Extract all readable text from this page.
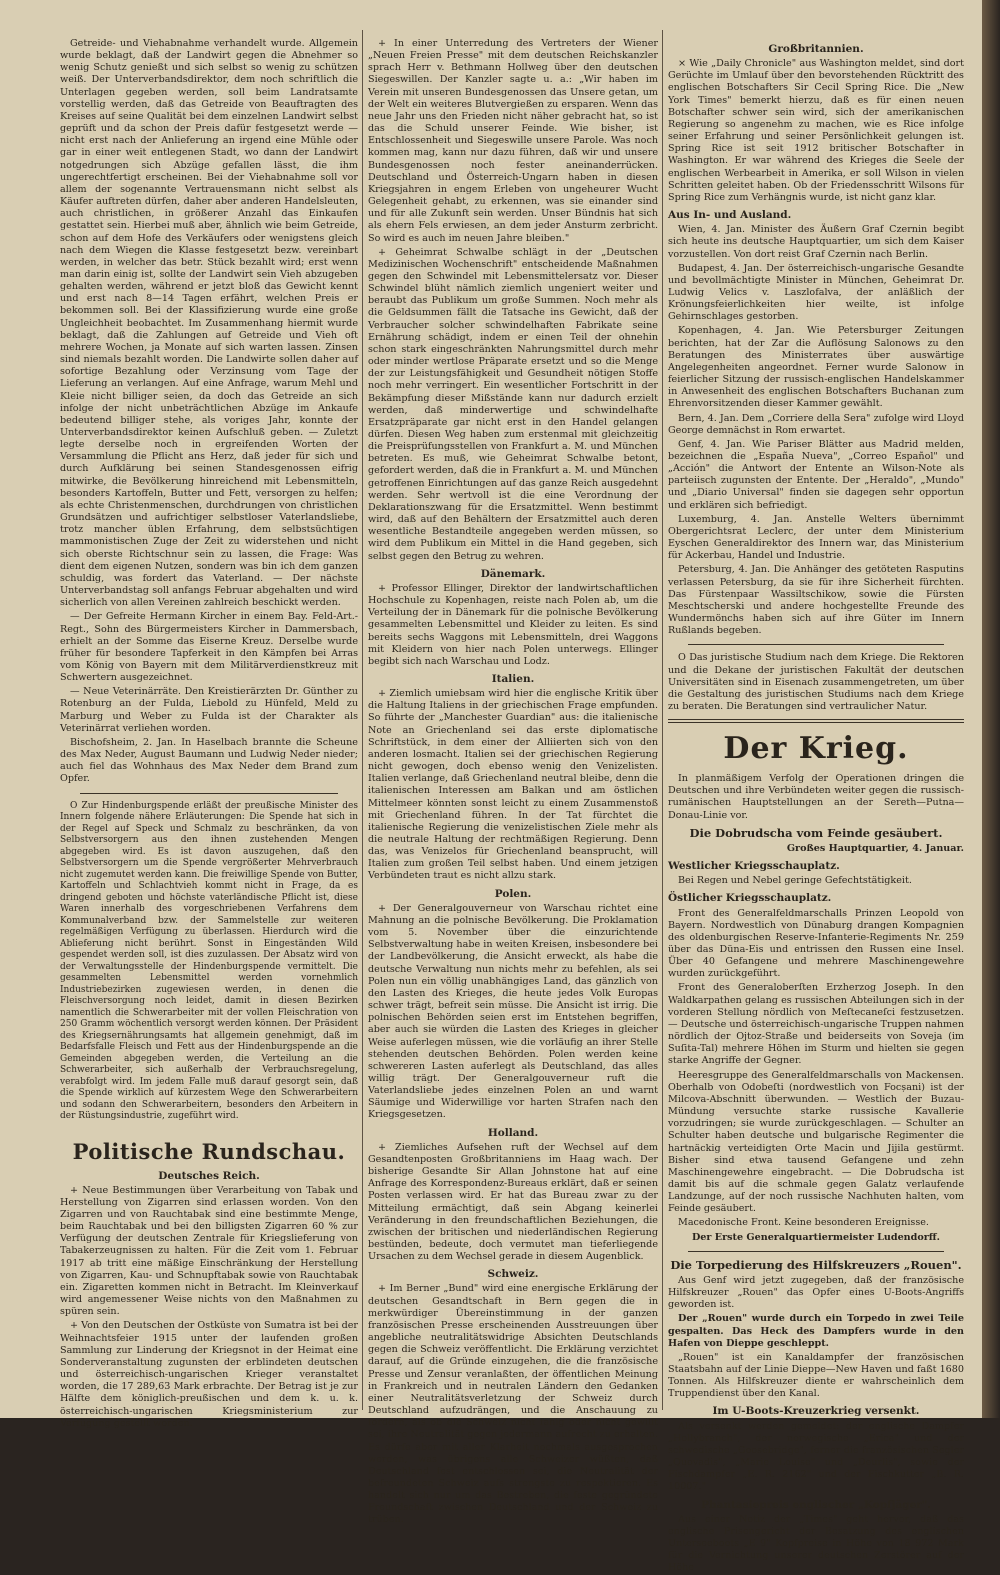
Getreide- und Viehabnahme verhandelt wurde. Allgemein wurde beklagt, daß der Landwirt gegen die Abnehmer so wenig Schutz genießt und sich selbst so wenig zu schützen weiß. Der Unterverbandsdirektor, dem noch schriftlich die Unterlagen gegeben werden, soll beim Landratsamte vorstellig werden, daß das Getreide von Beauftragten des Kreises auf seine Qualität bei dem einzelnen Landwirt selbst geprüft und da schon der Preis dafür festgesetzt werde — nicht erst nach der Anlieferung an irgend eine Mühle oder gar in einer weit entlegenen Stadt, wo dann der Landwirt notgedrungen sich Abzüge gefallen lässt, die ihm ungerechtfertigt erscheinen. Bei der Viehabnahme soll vor allem der sogenannte Vertrauensmann nicht selbst als Käufer auftreten dürfen, daher aber anderen Handelsleuten, auch christlichen, in größerer Anzahl das Einkaufen gestattet sein. Hierbei muß aber, ähnlich wie beim Getreide, schon auf dem Hofe des Verkäufers oder wenigstens gleich nach dem Wiegen die Klasse festgesetzt bezw. vereinbart werden, in welcher das betr. Stück bezahlt wird; erst wenn man darin einig ist, sollte der Landwirt sein Vieh abzugeben gehalten werden, während er jetzt bloß das Gewicht kennt und erst nach 8—14 Tagen erfährt, welchen Preis er bekommen soll. Bei der Klassifizierung wurde eine große Ungleichheit beobachtet. Im Zusammenhang hiermit wurde beklagt, daß die Zahlungen auf Getreide und Vieh oft mehrere Wochen, ja Monate auf sich warten lassen. Zinsen sind niemals bezahlt worden. Die Landwirte sollen daher auf sofortige Bezahlung oder Verzinsung vom Tage der Lieferung an verlangen. Auf eine Anfrage, warum Mehl und Kleie nicht billiger seien, da doch das Getreide an sich infolge der nicht unbeträchtlichen Abzüge im Ankaufe bedeutend billiger stehe, als voriges Jahr, konnte der Unterverbandsdirektor keinen Aufschluß geben. — Zuletzt legte derselbe noch in ergreifenden Worten der Versammlung die Pflicht ans Herz, daß jeder für sich und durch Aufklärung bei seinen Standesgenossen eifrig mitwirke, die Bevölkerung hinreichend mit Lebensmitteln, besonders Kartoffeln, Butter und Fett, versorgen zu helfen; als echte Christenmenschen, durchdrungen von christlichen Grundsätzen und aufrichtiger selbstloser Vaterlandsliebe, trotz mancher üblen Erfahrung, dem selbstsüchtigen mammonistischen Zuge der Zeit zu widerstehen und nicht sich oberste Richtschnur sein zu lassen, die Frage: Was dient dem eigenen Nutzen, sondern was bin ich dem ganzen schuldig, was fordert das Vaterland. — Der nächste Unterverbandstag soll anfangs Februar abgehalten und wird sicherlich von allen Vereinen zahlreich beschickt werden.

— Der Gefreite Hermann Kircher in einem Bay. Feld-Art.-Regt., Sohn des Bürgermeisters Kircher in Dammersbach, erhielt an der Somme das Eiserne Kreuz. Derselbe wurde früher für besondere Tapferkeit in den Kämpfen bei Arras vom König von Bayern mit dem Militärverdienstkreuz mit Schwertern ausgezeichnet.

— Neue Veterinärräte. Den Kreistierärzten Dr. Günther zu Rotenburg an der Fulda, Liebold zu Hünfeld, Meld zu Marburg und Weber zu Fulda ist der Charakter als Veterinärrat verliehen worden.

Bischofsheim, 2. Jan. In Haselbach brannte die Scheune des Max Neder, August Baumann und Ludwig Neder nieder; auch fiel das Wohnhaus des Max Neder dem Brand zum Opfer.

O Zur Hindenburgspende erläßt der preußische Minister des Innern folgende nähere Erläuterungen: Die Spende hat sich in der Regel auf Speck und Schmalz zu beschränken, da von Selbstversorgern aus den ihnen zustehenden Mengen abgegeben wird. Es ist davon auszugehen, daß den Selbstversorgern um die Spende vergrößerter Mehrverbrauch nicht zugemutet werden kann. Die freiwillige Spende von Butter, Kartoffeln und Schlachtvieh kommt nicht in Frage, da es dringend geboten und höchste vaterländische Pflicht ist, diese Waren innerhalb des vorgeschriebenen Verfahrens dem Kommunalverband bzw. der Sammelstelle zur weiteren regelmäßigen Verfügung zu überlassen. Hierdurch wird die Ablieferung nicht berührt. Sonst in Eingeständen Wild gespendet werden soll, ist dies zuzulassen. Der Absatz wird von der Verwaltungsstelle der Hindenburgspende vermittelt. Die gesammelten Lebensmittel werden vornehmlich Industriebezirken zugewiesen werden, in denen die Fleischversorgung noch leidet, damit in diesen Bezirken namentlich die Schwerarbeiter mit der vollen Fleischration von 250 Gramm wöchentlich versorgt werden können. Der Präsident des Kriegsernährungsamts hat allgemein genehmigt, daß im Bedarfsfalle Fleisch und Fett aus der Hindenburgspende an die Gemeinden abgegeben werden, die Verteilung an die Schwerarbeiter, sich außerhalb der Verbrauchsregelung, verabfolgt wird. Im jedem Falle muß darauf gesorgt sein, daß die Spende wirklich auf kürzestem Wege den Schwerarbeitern und sodann den Schwerarbeitern, besonders den Arbeitern in der Rüstungsindustrie, zugeführt wird.

Politische Rundschau.
Deutsches Reich.

+ Neue Bestimmungen über Verarbeitung von Tabak und Herstellung von Zigarren sind erlassen worden. Von den Zigarren und von Rauchtabak sind eine bestimmte Menge, beim Rauchtabak und bei den billigsten Zigarren 60 % zur Verfügung der deutschen Zentrale für Kriegslieferung von Tabakerzeugnissen zu halten. Für die Zeit vom 1. Februar 1917 ab tritt eine mäßige Einschränkung der Herstellung von Zigarren, Kau- und Schnupftabak sowie von Rauchtabak ein. Zigaretten kommen nicht in Betracht. Im Kleinverkauf wird angemessener Weise nichts von den Maßnahmen zu spüren sein.

+ Von den Deutschen der Ostküste von Sumatra ist bei der Weihnachtsfeier 1915 unter der laufenden großen Sammlung zur Linderung der Kriegsnot in der Heimat eine Sonderveranstaltung zugunsten der erblindeten deutschen und österreichisch-ungarischen Krieger veranstaltet worden, die 17 289,63 Mark erbrachte. Der Betrag ist je zur Hälfte dem königlich-preußischen und dem k. u. k. österreichisch-ungarischen Kriegsministerium zur Verfügung gestellt worden.

+ In einer Unterredung des Vertreters der Wiener „Neuen Freien Presse" mit dem deutschen Reichskanzler sprach Herr v. Bethmann Hollweg über den deutschen Siegeswillen. Der Kanzler sagte u. a.: „Wir haben im Verein mit unseren Bundesgenossen das Unsere getan, um der Welt ein weiteres Blutvergießen zu ersparen. Wenn das neue Jahr uns den Frieden nicht näher gebracht hat, so ist das die Schuld unserer Feinde. Wie bisher, ist Entschlossenheit und Siegeswille unsere Parole. Was noch kommen mag, kann nur dazu führen, daß wir und unsere Bundesgenossen noch fester aneinanderrücken. Deutschland und Österreich-Ungarn haben in diesen Kriegsjahren in engem Erleben von ungeheurer Wucht Gelegenheit gehabt, zu erkennen, was sie einander sind und für alle Zukunft sein werden. Unser Bündnis hat sich als ehern Fels erwiesen, an dem jeder Ansturm zerbricht. So wird es auch im neuen Jahre bleiben."

+ Geheimrat Schwalbe schlägt in der „Deutschen Medizinischen Wochenschrift" entscheidende Maßnahmen gegen den Schwindel mit Lebensmittelersatz vor. Dieser Schwindel blüht nämlich ziemlich ungeniert weiter und beraubt das Publikum um große Summen. Noch mehr als die Geldsummen fällt die Tatsache ins Gewicht, daß der Verbraucher solcher schwindelhaften Fabrikate seine Ernährung schädigt, indem er einen Teil der ohnehin schon stark eingeschränkten Nahrungsmittel durch mehr oder minder wertlose Präparate ersetzt und so die Menge der zur Leistungsfähigkeit und Gesundheit nötigen Stoffe noch mehr verringert. Ein wesentlicher Fortschritt in der Bekämpfung dieser Mißstände kann nur dadurch erzielt werden, daß minderwertige und schwindelhafte Ersatzpräparate gar nicht erst in den Handel gelangen dürfen. Diesen Weg haben zum erstenmal mit gleichzeitig die Preisprüfungsstellen von Frankfurt a. M. und München betreten. Es muß, wie Geheimrat Schwalbe betont, gefordert werden, daß die in Frankfurt a. M. und München getroffenen Einrichtungen auf das ganze Reich ausgedehnt werden. Sehr wertvoll ist die eine Verordnung der Deklarationszwang für die Ersatzmittel. Wenn bestimmt wird, daß auf den Behältern der Ersatzmittel auch deren wesentliche Bestandteile angegeben werden müssen, so wird dem Publikum ein Mittel in die Hand gegeben, sich selbst gegen den Betrug zu wehren.

Dänemark.

+ Professor Ellinger, Direktor der landwirtschaftlichen Hochschule zu Kopenhagen, reiste nach Polen ab, um die Verteilung der in Dänemark für die polnische Bevölkerung gesammelten Lebensmittel und Kleider zu leiten. Es sind bereits sechs Waggons mit Lebensmitteln, drei Waggons mit Kleidern von hier nach Polen unterwegs. Ellinger begibt sich nach Warschau und Lodz.

Italien.

+ Ziemlich umiebsam wird hier die englische Kritik über die Haltung Italiens in der griechischen Frage empfunden. So führte der „Manchester Guardian" aus: die italienische Note an Griechenland sei das erste diplomatische Schriftstück, in dem einer der Alliierten sich von den anderen losmacht. Italien sei der griechischen Regierung nicht gewogen, doch ebenso wenig den Venizelisten. Italien verlange, daß Griechenland neutral bleibe, denn die italienischen Interessen am Balkan und am östlichen Mittelmeer könnten sonst leicht zu einem Zusammenstoß mit Griechenland führen. In der Tat fürchtet die italienische Regierung die venizelistischen Ziele mehr als die neutrale Haltung der rechtmäßigen Regierung. Denn das, was Venizelos für Griechenland beansprucht, will Italien zum großen Teil selbst haben. Und einem jetzigen Verbündeten traut es nicht allzu stark.

Polen.

+ Der Generalgouverneur von Warschau richtet eine Mahnung an die polnische Bevölkerung. Die Proklamation vom 5. November über die einzurichtende Selbstverwaltung habe in weiten Kreisen, insbesondere bei der Landbevölkerung, die Ansicht erweckt, als habe die deutsche Verwaltung nun nichts mehr zu befehlen, als sei Polen nun ein völlig unabhängiges Land, das gänzlich von den Lasten des Krieges, die heute jedes Volk Europas schwer trägt, befreit sein müsse. Die Ansicht ist irrig. Die polnischen Behörden seien erst im Entstehen begriffen, aber auch sie würden die Lasten des Krieges in gleicher Weise auferlegen müssen, wie die vorläufig an ihrer Stelle stehenden deutschen Behörden. Polen werden keine schwereren Lasten auferlegt als Deutschland, das alles willig trägt. Der Generalgouverneur ruft die Vaterlandsliebe jedes einzelnen Polen an und warnt Säumige und Widerwillige vor harten Strafen nach den Kriegsgesetzen.

Holland.

+ Ziemliches Aufsehen ruft der Wechsel auf dem Gesandtenposten Großbritanniens im Haag wach. Der bisherige Gesandte Sir Allan Johnstone hat auf eine Anfrage des Korrespondenz-Bureaus erklärt, daß er seinen Posten verlassen wird. Er hat das Bureau zwar zu der Mitteilung ermächtigt, daß sein Abgang keinerlei Veränderung in den freundschaftlichen Beziehungen, die zwischen der britischen und niederländischen Regierung bestünden, bedeute, doch vermutet man tieferliegende Ursachen zu dem Wechsel gerade in diesem Augenblick.

Schweiz.

+ Im Berner „Bund" wird eine energische Erklärung der deutschen Gesandtschaft in Bern gegen die in merkwürdiger Übereinstimmung in der ganzen französischen Presse erscheinenden Ausstreuungen über angebliche neutralitätswidrige Absichten Deutschlands gegen die Schweiz veröffentlicht. Die Erklärung verzichtet darauf, auf die Gründe einzugehen, die die französische Presse und Zensur veranlaßten, der öffentlichen Meinung in Frankreich und in neutralen Ländern den Gedanken einer Neutralitätsverletzung der Schweiz durch Deutschland aufzudrängen, und die Anschauung zu fördern, als ob die Schweiz nicht fähig oder nicht gewillt sei, ihre Neutralität gegen jedermann aufrecht zu erhalten. Es dürfe aber mit aller Klarheit nochmals ausgesprochen werden, was übrigens alle Schweizer wüßten, daß Deutschland fest entschlossen sei, die Neutralität der befreundeten Schweiz aufs strengste zu respektieren. Es handelt sich nur um das Bestreben, die feste gegründete Freundschaft zwischen Deutschland und der Schweiz zu trüben.

Großbritannien.

× Wie „Daily Chronicle" aus Washington meldet, sind dort Gerüchte im Umlauf über den bevorstehenden Rücktritt des englischen Botschafters Sir Cecil Spring Rice. Die „New York Times" bemerkt hierzu, daß es für einen neuen Botschafter schwer sein wird, sich der amerikanischen Regierung so angenehm zu machen, wie es Rice infolge seiner Erfahrung und seiner Persönlichkeit gelungen ist. Spring Rice ist seit 1912 britischer Botschafter in Washington. Er war während des Krieges die Seele der englischen Werbearbeit in Amerika, er soll Wilson in vielen Schritten geleitet haben. Ob der Friedensschritt Wilsons für Spring Rice zum Verhängnis wurde, ist nicht ganz klar.

Aus In- und Ausland.

Wien, 4. Jan. Minister des Äußern Graf Czernin begibt sich heute ins deutsche Hauptquartier, um sich dem Kaiser vorzustellen. Von dort reist Graf Czernin nach Berlin.

Budapest, 4. Jan. Der österreichisch-ungarische Gesandte und bevollmächtigte Minister in München, Geheimrat Dr. Ludwig Velics v. Laszlofalva, der anläßlich der Krönungsfeierlichkeiten hier weilte, ist infolge Gehirnschlages gestorben.

Kopenhagen, 4. Jan. Wie Petersburger Zeitungen berichten, hat der Zar die Auflösung Salonows zu den Beratungen des Ministerrates über auswärtige Angelegenheiten angeordnet. Ferner wurde Salonow in feierlicher Sitzung der russisch-englischen Handelskammer in Anwesenheit des englischen Botschafters Buchanan zum Ehrenvorsitzenden dieser Kammer gewählt.

Bern, 4. Jan. Dem „Corriere della Sera" zufolge wird Lloyd George demnächst in Rom erwartet.

Genf, 4. Jan. Wie Pariser Blätter aus Madrid melden, bezeichnen die „España Nueva", „Correo Español" und „Acción" die Antwort der Entente an Wilson-Note als parteiisch zugunsten der Entente. Der „Heraldo", „Mundo" und „Diario Universal" finden sie dagegen sehr opportun und erklären sich befriedigt.

Luxemburg, 4. Jan. Anstelle Welters übernimmt Obergerichtsrat Leclerc, der unter dem Ministerium Eyschen Generaldirektor des Innern war, das Ministerium für Ackerbau, Handel und Industrie.

Petersburg, 4. Jan. Die Anhänger des getöteten Rasputins verlassen Petersburg, da sie für ihre Sicherheit fürchten. Das Fürstenpaar Wassiltschikow, sowie die Fürsten Meschtscherski und andere hochgestellte Freunde des Wundermönchs haben sich auf ihre Güter im Innern Rußlands begeben.

O Das juristische Studium nach dem Kriege. Die Rektoren und die Dekane der juristischen Fakultät der deutschen Universitäten sind in Eisenach zusammengetreten, um über die Gestaltung des juristischen Studiums nach dem Kriege zu beraten. Die Beratungen sind vertraulicher Natur.

Der Krieg.

In planmäßigem Verfolg der Operationen dringen die Deutschen und ihre Verbündeten weiter gegen die russisch-rumänischen Hauptstellungen an der Sereth—Putna—Donau-Linie vor.

Die Dobrudscha vom Feinde gesäubert.

Großes Hauptquartier, 4. Januar.

Westlicher Kriegsschauplatz.

Bei Regen und Nebel geringe Gefechtstätigkeit.

Östlicher Kriegsschauplatz.

Front des Generalfeldmarschalls Prinzen Leopold von Bayern. Nordwestlich von Dünaburg drangen Kompagnien des oldenburgischen Reserve-Infanterie-Regiments Nr. 259 über das Düna-Eis und entrissen den Russen eine Insel. Über 40 Gefangene und mehrere Maschinengewehre wurden zurückgeführt.

Front des Generaloberſten Erzherzog Joseph. In den Waldkarpathen gelang es russischen Abteilungen sich in der vorderen Stellung nördlich von Meſtecaneſci festzusetzen. — Deutsche und österreichisch-ungarische Truppen nahmen nördlich der Ojtoz-Straße und beiderseits von Soveja (im Suſita-Tal) mehrere Höhen im Sturm und hielten sie gegen starke Angriffe der Gegner.

Heeresgruppe des Generalfeldmarschalls von Mackensen. Oberhalb von Odobeſti (nordwestlich von Focșani) ist der Milcova-Abschnitt überwunden. — Westlich der Buzau-Mündung versuchte starke russische Kavallerie vorzudringen; sie wurde zurückgeschlagen. — Schulter an Schulter haben deutsche und bulgarische Regimenter die hartnäckig verteidigten Orte Macin und Jijila gestürmt. Bisher sind etwa tausend Gefangene und zehn Maschinengewehre eingebracht. — Die Dobrudscha ist damit bis auf die schmale gegen Galatz verlaufende Landzunge, auf der noch russische Nachhuten halten, vom Feinde gesäubert.

Macedonische Front. Keine besonderen Ereignisse.

Der Erste Generalquartiermeister Ludendorff.

Die Torpedierung des Hilfskreuzers „Rouen".

Aus Genf wird jetzt zugegeben, daß der französische Hilfskreuzer „Rouen" das Opfer eines U-Boots-Angriffs geworden ist.

Der „Rouen" wurde durch ein Torpedo in zwei Teile gespalten. Das Heck des Dampfers wurde in den Hafen von Dieppe geschleppt.

„Rouen" ist ein Kanaldampfer der französischen Staatsbahn auf der Linie Dieppe—New Haven und faßt 1680 Tonnen. Als Hilfskreuzer diente er wahrscheinlich dem Truppendienst über den Kanal.

Im U-Boots-Kreuzerkrieg versenkt.

Als versenkt werden gemeldet: der englische Dampfer „Hollybranch", der norwegische „Erica" und der schwedische „Goosebridge", ferner die französischen Segler „Quovadis", „Marie Louise" und „Deurlis", sowie der Fischdampfer „E. R. 2162" und der Fischkutter „B. R. 10007."

Phantasiepreis englischer „Kopfjäger".

Aus einer Notiz der „Times" geht hervor, daß das englische Prisengericht der Besatzung des englischen Unterseeboots „E 9" Kopfpreise in Höhe von 18 972 Mark für die Vernichtung unserer deutschen Zerstörer auf der Höhe
